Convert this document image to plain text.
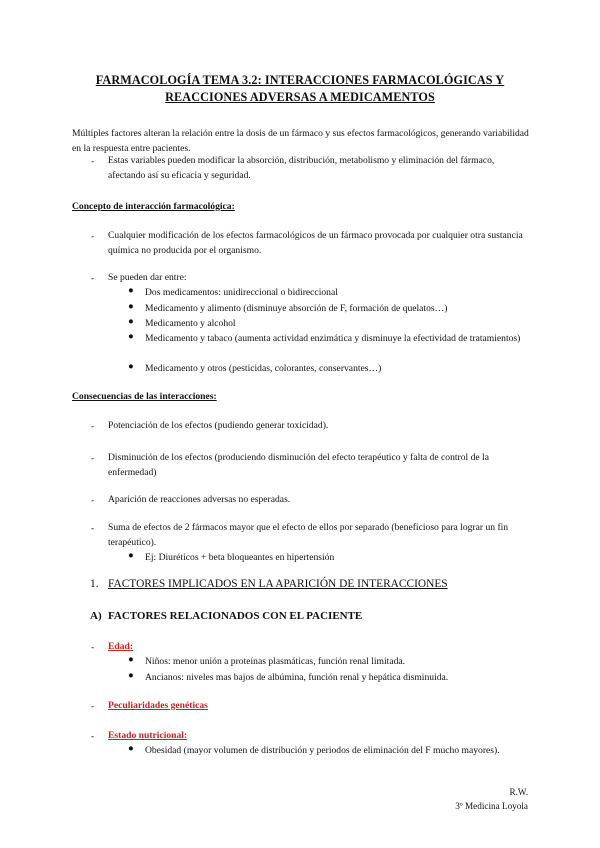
FARMACOLOGÍA TEMA 3.2: INTERACCIONES FARMACOLÓGICAS Y REACCIONES ADVERSAS A MEDICAMENTOS
Múltiples factores alteran la relación entre la dosis de un fármaco y sus efectos farmacológicos, generando variabilidad en la respuesta entre pacientes.
- Estas variables pueden modificar la absorción, distribución, metabolismo y eliminación del fármaco, afectando así su eficacia y seguridad.
Concepto de interacción farmacológica:
- Cualquier modificación de los efectos farmacológicos de un fármaco provocada por cualquier otra sustancia química no producida por el organismo.
- Se pueden dar entre:
● Dos medicamentos: unidireccional o bidireccional
● Medicamento y alimento (disminuye absorción de F, formación de quelatos…)
● Medicamento y alcohol
● Medicamento y tabaco (aumenta actividad enzimática y disminuye la efectividad de tratamientos)
● Medicamento y otros (pesticidas, colorantes, conservantes…)
Consecuencias de las interacciones:
- Potenciación de los efectos (pudiendo generar toxicidad).
- Disminución de los efectos (produciendo disminución del efecto terapéutico y falta de control de la enfermedad)
- Aparición de reacciones adversas no esperadas.
- Suma de efectos de 2 fármacos mayor que el efecto de ellos por separado (beneficioso para lograr un fin terapéutico).
● Ej: Diuréticos + beta bloqueantes en hipertensión
1. FACTORES IMPLICADOS EN LA APARICIÓN DE INTERACCIONES
A) FACTORES RELACIONADOS CON EL PACIENTE
- Edad:
● Niños: menor unión a proteínas plasmáticas, función renal limitada.
● Ancianos: niveles mas bajos de albúmina, función renal y hepática disminuida.
- Peculiaridades genéticas
- Estado nutricional:
● Obesidad (mayor volumen de distribución y periodos de eliminación del F mucho mayores).
R.W.
3º Medicina Loyola
